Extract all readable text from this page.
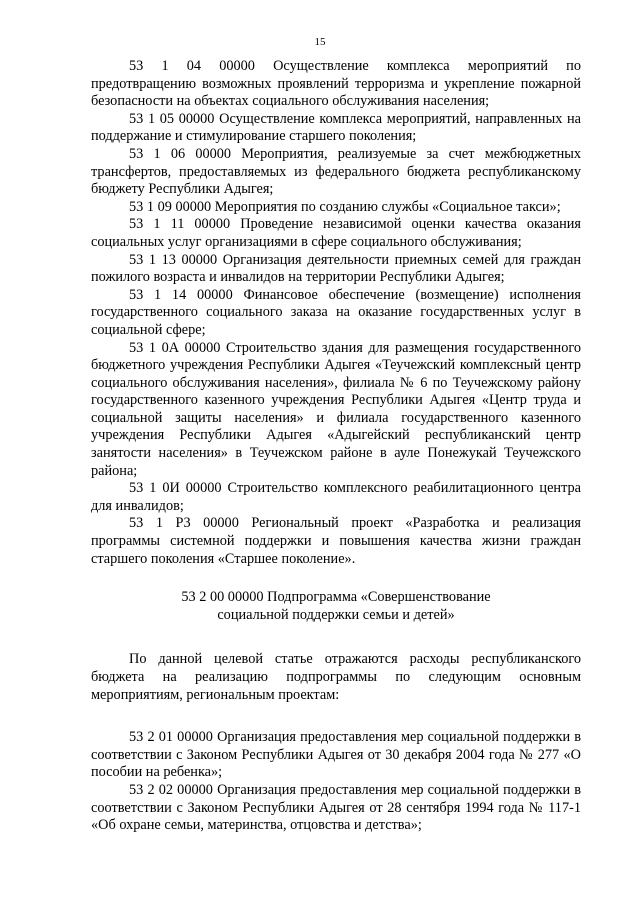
15

53 1 04 00000 Осуществление комплекса мероприятий по предотвращению возможных проявлений терроризма и укрепление пожарной безопасности на объектах социального обслуживания населения;

53 1 05 00000 Осуществление комплекса мероприятий, направленных на поддержание и стимулирование старшего поколения;

53 1 06 00000 Мероприятия, реализуемые за счет межбюджетных трансфертов, предоставляемых из федерального бюджета республиканскому бюджету Республики Адыгея;

53 1 09 00000 Мероприятия по созданию службы «Социальное такси»;

53 1 11 00000 Проведение независимой оценки качества оказания социальных услуг организациями в сфере социального обслуживания;

53 1 13 00000 Организация деятельности приемных семей для граждан пожилого возраста и инвалидов на территории Республики Адыгея;

53 1 14 00000 Финансовое обеспечение (возмещение) исполнения государственного социального заказа на оказание государственных услуг в социальной сфере;

53 1 0А 00000 Строительство здания для размещения государственного бюджетного учреждения Республики Адыгея «Теучежский комплексный центр социального обслуживания населения», филиала № 6 по Теучежскому району государственного казенного учреждения Республики Адыгея «Центр труда и социальной защиты населения» и филиала государственного казенного учреждения Республики Адыгея «Адыгейский республиканский центр занятости населения» в Теучежском районе в ауле Понежукай Теучежского района;

53 1 0И 00000 Строительство комплексного реабилитационного центра для инвалидов;

53 1 P3 00000 Региональный проект «Разработка и реализация программы системной поддержки и повышения качества жизни граждан старшего поколения «Старшее поколение».

53 2 00 00000 Подпрограмма «Совершенствование
социальной поддержки семьи и детей»

По данной целевой статье отражаются расходы республиканского бюджета на реализацию подпрограммы по следующим основным мероприятиям, региональным проектам:

53 2 01 00000 Организация предоставления мер социальной поддержки в соответствии с Законом Республики Адыгея от 30 декабря 2004 года № 277 «О пособии на ребенка»;

53 2 02 00000 Организация предоставления мер социальной поддержки в соответствии с Законом Республики Адыгея от 28 сентября 1994 года № 117-1 «Об охране семьи, материнства, отцовства и детства»;
